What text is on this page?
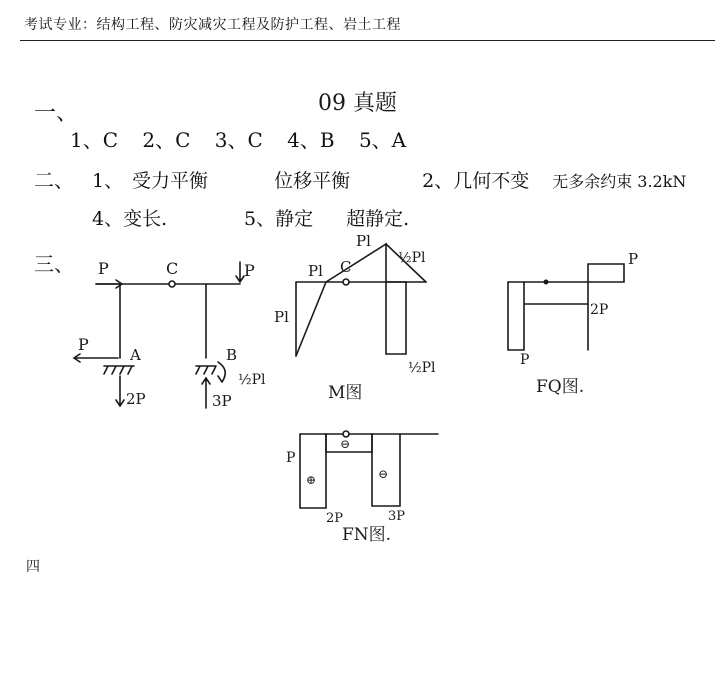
考试专业：结构工程、防灾减灾工程及防护工程、岩土工程
09 真题
一、
1、C 2、C 3、C 4、B 5、A
二、 1、 受力平衡	位移平衡	2、几何不变 无多余约束 3.2kN
4、变长.	5、静定 超静定.
三、
四
P	C	P
P
A
2P
B
3P
½Pl
Pl
Pl C	½Pl
Pl
½Pl
M图
P
2P
P
FQ图.
P
⊖
⊕	⊖
2P	3P
FN图.
